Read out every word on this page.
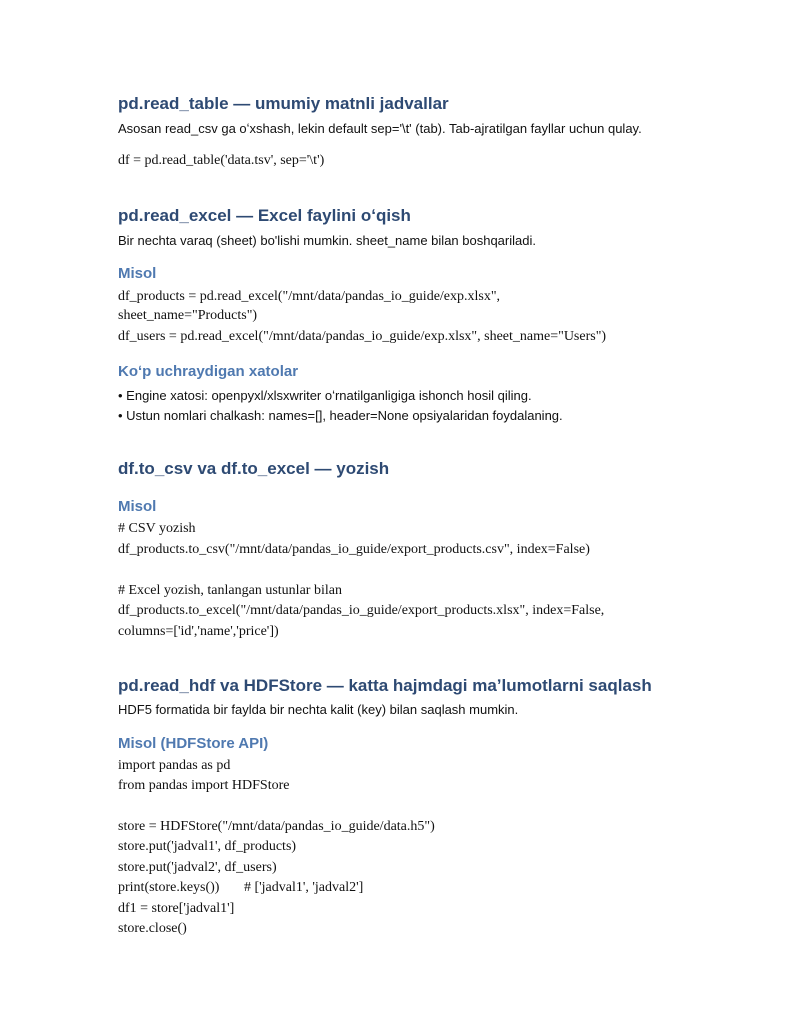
pd.read_table — umumiy matnli jadvallar
Asosan read_csv ga oʻxshash, lekin default sep='\t' (tab). Tab-ajratilgan fayllar uchun qulay.
df = pd.read_table('data.tsv', sep='\t')
pd.read_excel — Excel faylini oʻqish
Bir nechta varaq (sheet) bo'lishi mumkin. sheet_name bilan boshqariladi.
Misol
df_products = pd.read_excel("/mnt/data/pandas_io_guide/exp.xlsx",
sheet_name="Products")
df_users = pd.read_excel("/mnt/data/pandas_io_guide/exp.xlsx", sheet_name="Users")
Koʻp uchraydigan xatolar
• Engine xatosi: openpyxl/xlsxwriter oʻrnatilganligiga ishonch hosil qiling.
• Ustun nomlari chalkash: names=[], header=None opsiyalaridan foydalaning.
df.to_csv va df.to_excel — yozish
Misol
# CSV yozish
df_products.to_csv("/mnt/data/pandas_io_guide/export_products.csv", index=False)
# Excel yozish, tanlangan ustunlar bilan
df_products.to_excel("/mnt/data/pandas_io_guide/export_products.xlsx", index=False,
columns=['id','name','price'])
pd.read_hdf va HDFStore — katta hajmdagi maʼlumotlarni saqlash
HDF5 formatida bir faylda bir nechta kalit (key) bilan saqlash mumkin.
Misol (HDFStore API)
import pandas as pd
from pandas import HDFStore
store = HDFStore("/mnt/data/pandas_io_guide/data.h5")
store.put('jadval1', df_products)
store.put('jadval2', df_users)
print(store.keys())       # ['jadval1', 'jadval2']
df1 = store['jadval1']
store.close()
